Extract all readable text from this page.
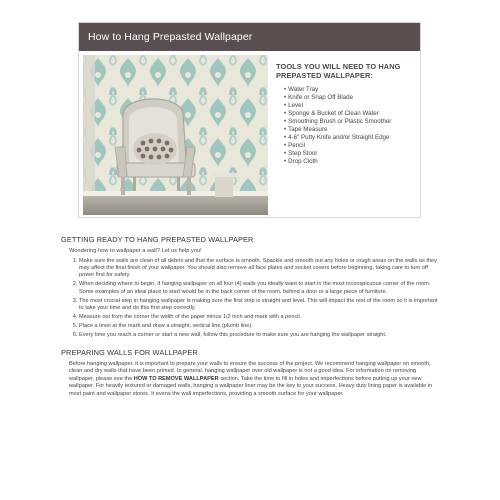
How to Hang Prepasted Wallpaper
TOOLS YOU WILL NEED TO HANG PREPASTED WALLPAPER:
• Water Tray
• Knife or Snap Off Blade
• Level
• Sponge & Bucket of Clean Water
• Smoothing Brush or Plastic Smoother
• Tape Measure
• 4-6" Putty Knife and/or Straight Edge
• Pencil
• Step Stool
• Drop Cloth
GETTING READY TO HANG PREPASTED WALLPAPER
Wondering how to wallpaper a wall? Let us help you!
1. Make sure the walls are clean of all debris and that the surface is smooth. Spackle and smooth out any holes or rough areas on the walls as they may affect the final finish of your wallpaper. You should also remove all face plates and socket covers before beginning, taking care to turn off power first for safety.
2. When deciding where to begin, if hanging wallpaper on all four (4) walls you ideally want to start in the most inconspicuous corner of the room. Some examples of an ideal place to start would be in the back corner of the room, behind a door or a large piece of furniture.
3. The most crucial step in hanging wallpaper is making sure the first strip is straight and level. This will impact the rest of the room so it is important to take your time and do this first step correctly.
4. Measure out from the corner the width of the paper minus 1/2 inch and mark with a pencil.
5. Place a level at the mark and draw a straight, vertical line (plumb line).
6. Every time you reach a corner or start a new wall, follow this procedure to make sure you are hanging the wallpaper straight.
PREPARING WALLS FOR WALLPAPER

Before hanging wallpaper, it is important to prepare your walls to ensure the success of the project. We recommend hanging wallpaper on smooth, clean and dry walls that have been primed. In general, hanging wallpaper over old wallpaper is not a good idea. For information on removing wallpaper, please see the HOW TO REMOVE WALLPAPER section. Take the time to fill in holes and imperfections before putting up your new wallpaper. For heavily textured or damaged walls, hanging a wallpaper liner may be the key to your success. Heavy duty lining paper is available in most paint and wallpaper stores. It evens the wall imperfections, providing a smooth surface for your wallpaper.
